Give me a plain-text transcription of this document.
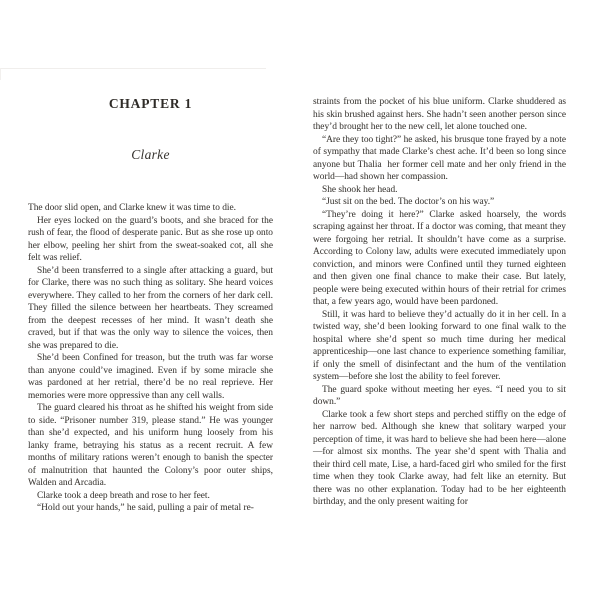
CHAPTER 1
Clarke

The door slid open, and Clarke knew it was time to die.

Her eyes locked on the guard’s boots, and she braced for the rush of fear, the flood of desperate panic. But as she rose up onto her elbow, peeling her shirt from the sweat-soaked cot, all she felt was relief.

She’d been transferred to a single after attacking a guard, but for Clarke, there was no such thing as solitary. She heard voices everywhere. They called to her from the corners of her dark cell. They filled the silence between her heartbeats. They screamed from the deepest recesses of her mind. It wasn’t death she craved, but if that was the only way to silence the voices, then she was prepared to die.

She’d been Confined for treason, but the truth was far worse than anyone could’ve imagined. Even if by some miracle she was pardoned at her retrial, there’d be no real reprieve. Her memories were more oppressive than any cell walls.

The guard cleared his throat as he shifted his weight from side to side. “Prisoner number 319, please stand.” He was younger than she’d expected, and his uniform hung loosely from his lanky frame, betraying his status as a recent recruit. A few months of military rations weren’t enough to banish the specter of malnutrition that haunted the Colony’s poor outer ships, Walden and Arcadia.

Clarke took a deep breath and rose to her feet.

“Hold out your hands,” he said, pulling a pair of metal re-

straints from the pocket of his blue uniform. Clarke shuddered as his skin brushed against hers. She hadn’t seen another person since they’d brought her to the new cell, let alone touched one.

“Are they too tight?” he asked, his brusque tone frayed by a note of sympathy that made Clarke’s chest ache. It’d been so long since anyone but Thalia  her former cell mate and her only friend in the world—had shown her compassion.

She shook her head.

“Just sit on the bed. The doctor’s on his way.”

“They’re doing it here?” Clarke asked hoarsely, the words scraping against her throat. If a doctor was coming, that meant they were forgoing her retrial. It shouldn’t have come as a surprise. According to Colony law, adults were executed immediately upon conviction, and minors were Confined until they turned eighteen and then given one final chance to make their case. But lately, people were being executed within hours of their retrial for crimes that, a few years ago, would have been pardoned.

Still, it was hard to believe they’d actually do it in her cell. In a twisted way, she’d been looking forward to one final walk to the hospital where she’d spent so much time during her medical apprenticeship—one last chance to experience something familiar, if only the smell of disinfectant and the hum of the ventilation system—before she lost the ability to feel forever.

The guard spoke without meeting her eyes. “I need you to sit down.”

Clarke took a few short steps and perched stiffly on the edge of her narrow bed. Although she knew that solitary warped your perception of time, it was hard to believe she had been here—alone—for almost six months. The year she’d spent with Thalia and their third cell mate, Lise, a hard-faced girl who smiled for the first time when they took Clarke away, had felt like an eternity. But there was no other explanation. Today had to be her eighteenth birthday, and the only present waiting for
